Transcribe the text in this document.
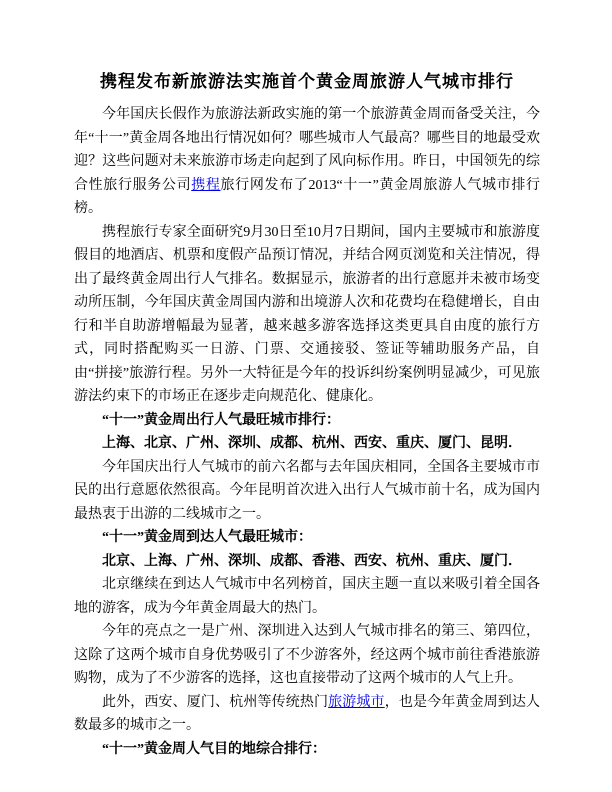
携程发布新旅游法实施首个黄金周旅游人气城市排行

今年国庆长假作为旅游法新政实施的第一个旅游黄金周而备受关注，今年“十一”黄金周各地出行情况如何？哪些城市人气最高？哪些目的地最受欢迎？这些问题对未来旅游市场走向起到了风向标作用。昨日，中国领先的综合性旅行服务公司携程旅行网发布了2013“十一”黄金周旅游人气城市排行榜。

携程旅行专家全面研究9月30日至10月7日期间，国内主要城市和旅游度假目的地酒店、机票和度假产品预订情况，并结合网页浏览和关注情况，得出了最终黄金周出行人气排名。数据显示，旅游者的出行意愿并未被市场变动所压制，今年国庆黄金周国内游和出境游人次和花费均在稳健增长，自由行和半自助游增幅最为显著，越来越多游客选择这类更具自由度的旅行方式，同时搭配购买一日游、门票、交通接驳、签证等辅助服务产品，自由“拼接”旅游行程。另外一大特征是今年的投诉纠纷案例明显减少，可见旅游法约束下的市场正在逐步走向规范化、健康化。

“十一”黄金周出行人气最旺城市排行：

上海、北京、广州、深圳、成都、杭州、西安、重庆、厦门、昆明．

今年国庆出行人气城市的前六名都与去年国庆相同，全国各主要城市市民的出行意愿依然很高。今年昆明首次进入出行人气城市前十名，成为国内最热衷于出游的二线城市之一。

“十一”黄金周到达人气最旺城市：

北京、上海、广州、深圳、成都、香港、西安、杭州、重庆、厦门．

北京继续在到达人气城市中名列榜首，国庆主题一直以来吸引着全国各地的游客，成为今年黄金周最大的热门。

今年的亮点之一是广州、深圳进入达到人气城市排名的第三、第四位，这除了这两个城市自身优势吸引了不少游客外，经这两个城市前往香港旅游购物，成为了不少游客的选择，这也直接带动了这两个城市的人气上升。

此外，西安、厦门、杭州等传统热门旅游城市，也是今年黄金周到达人数最多的城市之一。

“十一”黄金周人气目的地综合排行：
